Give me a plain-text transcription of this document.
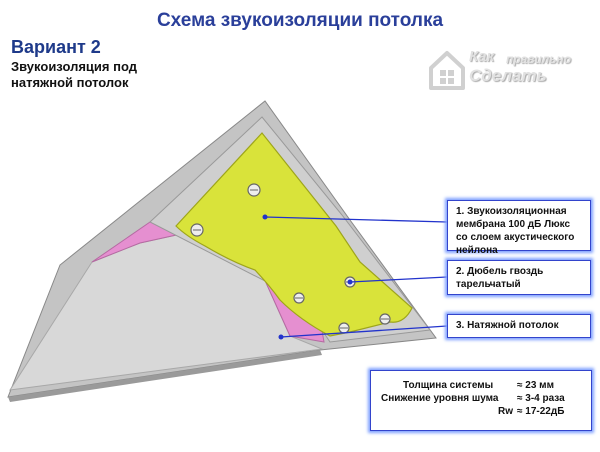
Схема звукоизоляции потолка
Вариант 2
Звукоизоляция под
натяжной потолок
Как правильно
Сделать
1. Звукоизоляционная
мембрана 100 дБ Люкс
со слоем акустического
нейлона
2. Дюбель гвоздь
тарельчатый
3. Натяжной потолок
Толщина системы ≈ 23 мм
Снижение уровня шума ≈ 3-4 раза
Rw ≈ 17-22дБ
